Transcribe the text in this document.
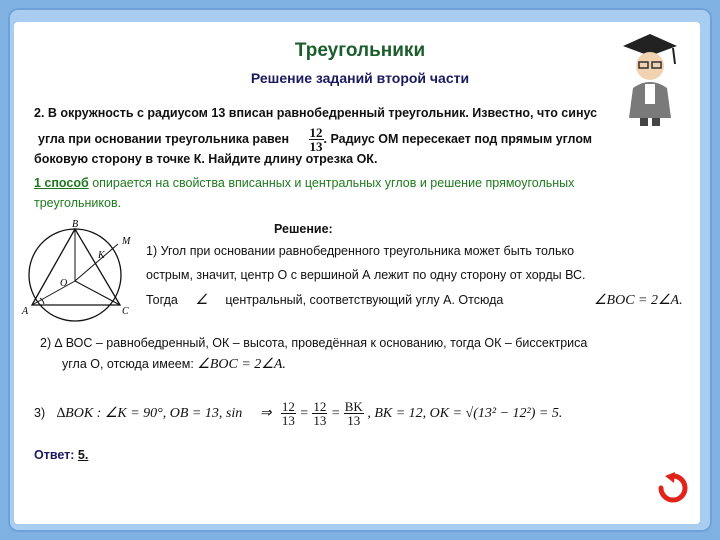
Треугольники
Решение заданий второй части
2. В окружность с радиусом 13 вписан равнобедренный треугольник. Известно, что синус
угла при основании треугольника равен $\frac{12}{13}$ . Радиус ОМ пересекает под прямым углом
боковую сторону в точке К. Найдите длину отрезка ОК.
1 способ опирается на свойства вписанных и центральных углов и решение прямоугольных
треугольников.
Решение:
B
K
M
O
A	C
1) Угол при основании равнобедренного треугольника может быть только
острым, значит, центр О с вершиной А лежит по одну сторону от хорды ВС.
Тогда ∠ центральный, соответствующий углу А. Отсюда	∠BOC = 2∠A.
2) ∆ ВОС – равнобедренный, ОК – высота, проведённая к основанию, тогда ОК – биссектриса
угла О, отсюда имеем: ∠BOC = 2∠A.
3) ∆BOK : ∠K = 90°, OB = 13, sin ⇒ $\frac{12}{13} = \frac{12}{13} = \frac{BK}{13}$ , BK = 12, OK = √(13² − 12²) = 5.
Ответ: 5.
